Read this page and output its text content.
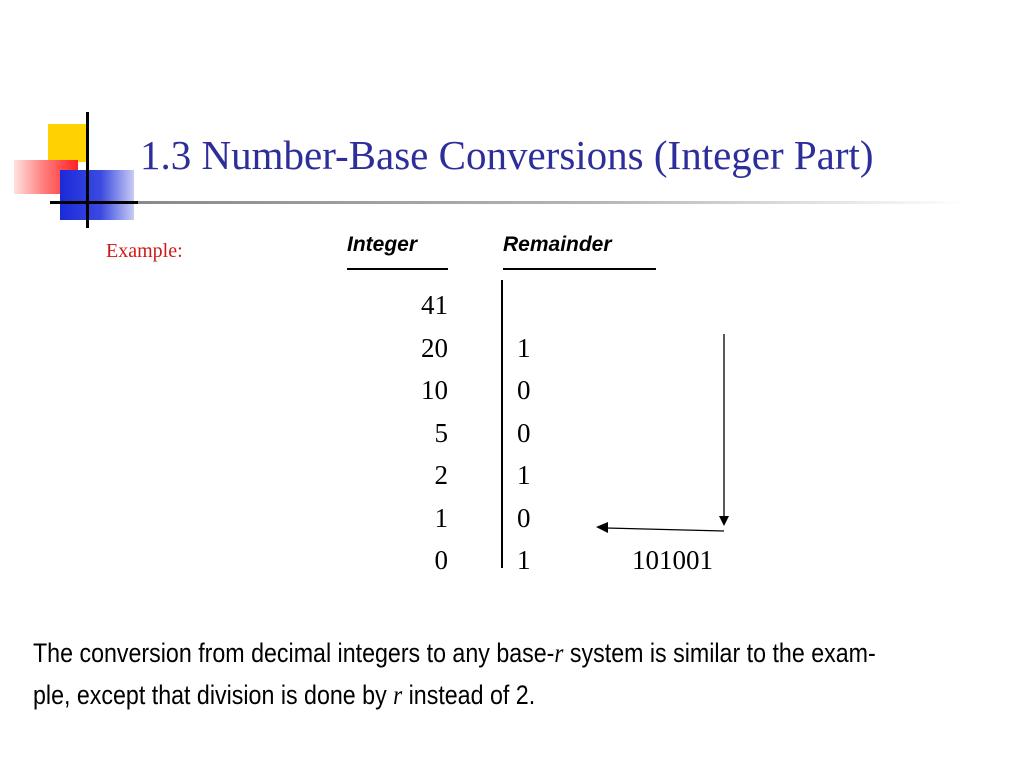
1.3 Number-Base Conversions (Integer Part)
Example:	Integer	Remainder
41
20	1
10	0
5	0
2	1
1	0
0	1	101001

The conversion from decimal integers to any base-r system is similar to the exam-

ple, except that division is done by r instead of 2.
